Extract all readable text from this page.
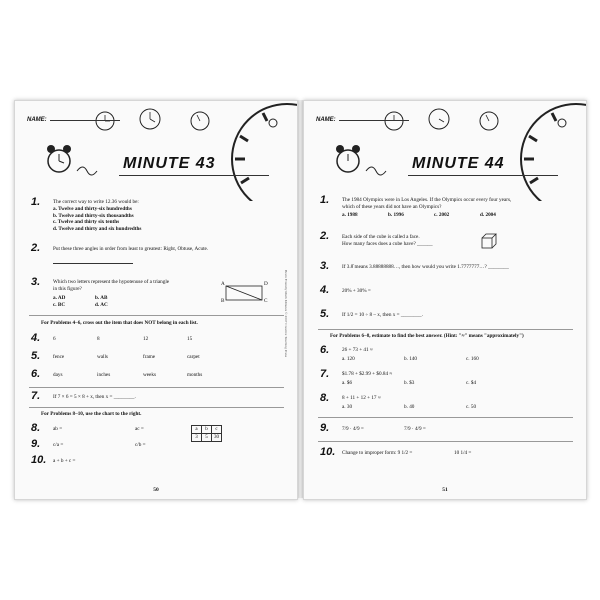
NAME:
MINUTE 43
1. The correct way to write 12.36 would be:
a. Twelve and thirty-six hundredths
b. Twelve and thirty-six thousandths
c. Twelve and thirty six tenths
d. Twelve and thirty and six hundredths
2. Put these three angles in order from least to greatest: Right, Obtuse, Acute.
3. Which two letters represent the hypotenuse of a triangle
in this figure?
a. AD	b. AB
c. BC	d. AC
A
B	C
D
For Problems 4–6, cross out the item that does NOT belong in each list.
4. 6	8	12	15
5. fence	walls	frame	carpet
6. days	inches	weeks	months
7. If 7 × 6 = 5 × 8 + x, then x = ________.
For Problems 8–10, use the chart to the right.
8. ab =	ac =	a	b	c
3	5	30
9. c/a =	c/b =
10. a + b + c =
50
Brain Friendly Math Minutes © 2007 Creative Teaching Press
NAME:
MINUTE 44
1. The 1984 Olympics were in Los Angeles. If the Olympics occur every four years,
which of these years did not have an Olympics?
a. 1988	b. 1996	c. 2002	d. 2004
2. Each side of the cube is called a face.
How many faces does a cube have? ______
3. If 3.8̄ means 3.88888888…, then how would you write 1.7777777…? ________
4. 20% + 30% =
5. If 1/2 = 10 ÷ 8 – x, then x = ________.
For Problems 6–8, estimate to find the best answer. (Hint: "≈" means "approximately")
6. 26 + 73 + 41 ≈
a. 120	b. 140	c. 160
7. $1.78 + $2.99 + $0.84 ≈
a. $6	b. $3	c. $4
8. 8 + 11 + 12 + 17 ≈
a. 30	b. 40	c. 50
9. 7/9 · 4/9 =	7/9 · 4/9 =
10. Change to improper form: 9 1/2 =	10 1/4 =
51
